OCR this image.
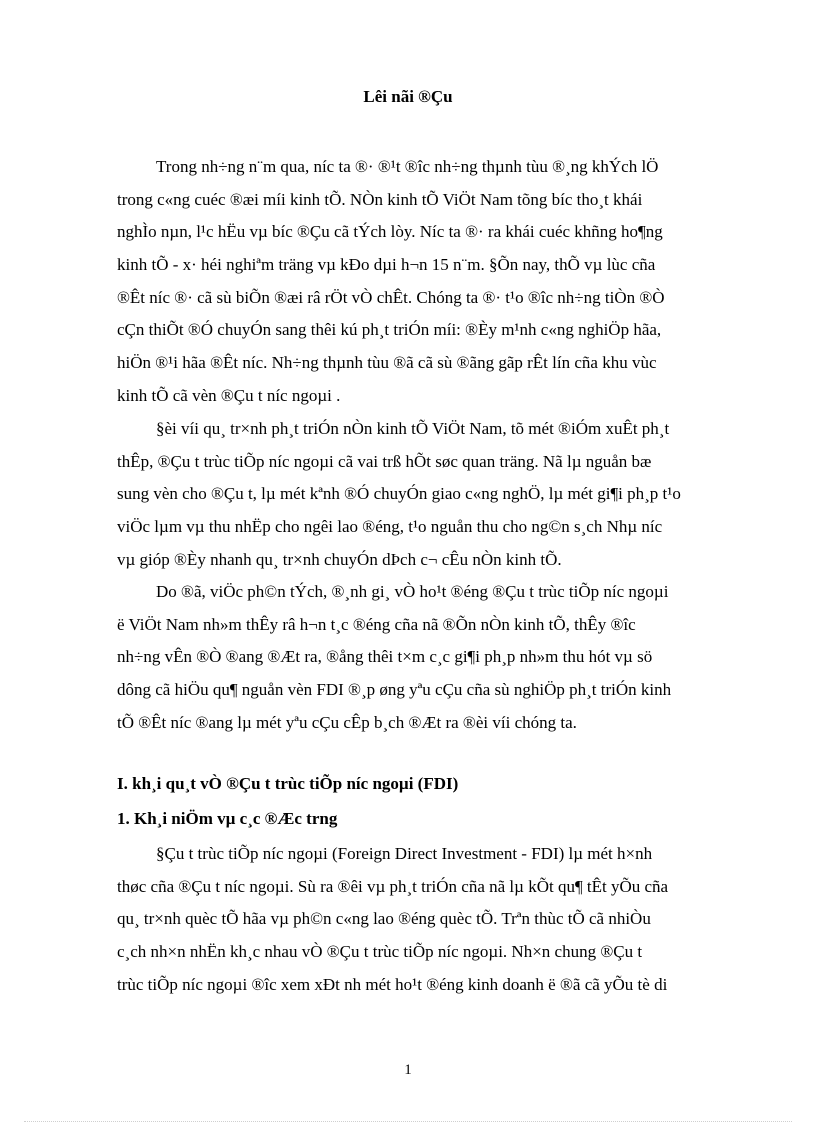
Lêi nãi ®Çu
Trong nh÷ng n¨m qua, níc ta ®· ®¹t ®îc nh÷ng thµnh tùu ®¸ng khÝch lÖ
trong c«ng cuéc ®æi míi kinh tÕ. NÒn kinh tÕ ViÖt Nam tõng bíc tho¸t khái
nghÌo nµn, l¹c hËu vµ bíc ®Çu cã tÝch lòy. Níc ta ®· ra khái cuéc khñng ho¶ng
kinh tÕ - x· héi nghiªm träng vµ kÐo dµi h¬n 15 n¨m. §Õn nay, thÕ vµ lùc cña
®Êt níc ®· cã sù biÕn ®æi râ rÖt vÒ chÊt. Chóng ta ®· t¹o ®îc nh÷ng tiÒn ®Ò
cÇn thiÕt ®Ó chuyÓn sang thêi kú ph¸t triÓn míi: ®Èy m¹nh c«ng nghiÖp hãa,
hiÖn ®¹i hãa ®Êt níc. Nh÷ng thµnh tùu ®ã cã sù ®ãng gãp rÊt lín cña khu vùc
kinh tÕ cã vèn ®Çu t níc ngoµi .
§èi víi qu¸ tr×nh ph¸t triÓn nÒn kinh tÕ ViÖt Nam, tõ mét ®iÓm xuÊt ph¸t
thÊp, ®Çu t trùc tiÕp níc ngoµi cã vai trß hÕt søc quan träng. Nã lµ nguån bæ
sung vèn cho ®Çu t, lµ mét kªnh ®Ó chuyÓn giao c«ng nghÖ, lµ mét gi¶i ph¸p t¹o
viÖc lµm vµ thu nhËp cho ngêi lao ®éng, t¹o nguån thu cho ng©n s¸ch Nhµ níc
vµ gióp ®Èy nhanh qu¸ tr×nh chuyÓn dÞch c¬ cÊu nÒn kinh tÕ.
Do ®ã, viÖc ph©n tÝch, ®¸nh gi¸ vÒ ho¹t ®éng ®Çu t trùc tiÕp níc ngoµi
ë ViÖt Nam nh»m thÊy râ h¬n t¸c ®éng cña nã ®Õn nÒn kinh tÕ, thÊy ®îc
nh÷ng vÊn ®Ò ®ang ®Æt ra, ®ång thêi t×m c¸c gi¶i ph¸p nh»m thu hót vµ sö
dông cã hiÖu qu¶ nguån vèn FDI ®¸p øng yªu cÇu cña sù nghiÖp ph¸t triÓn kinh
tÕ ®Êt níc ®ang lµ mét yªu cÇu cÊp b¸ch ®Æt ra ®èi víi chóng ta.
I. kh¸i qu¸t vÒ ®Çu t trùc tiÕp níc ngoµi (FDI)
1. Kh¸i niÖm vµ c¸c ®Æc trng
§Çu t trùc tiÕp níc ngoµi (Foreign Direct Investment - FDI) lµ mét h×nh
thøc cña ®Çu t níc ngoµi. Sù ra ®êi vµ ph¸t triÓn cña nã lµ kÕt qu¶ tÊt yÕu cña
qu¸ tr×nh quèc tÕ hãa vµ ph©n c«ng lao ®éng quèc tÕ. Trªn thùc tÕ cã nhiÒu
c¸ch nh×n nhËn kh¸c nhau vÒ ®Çu t trùc tiÕp níc ngoµi. Nh×n chung ®Çu t
trùc tiÕp níc ngoµi ®îc xem xÐt nh mét ho¹t ®éng kinh doanh ë ®ã cã yÕu tè di
1
